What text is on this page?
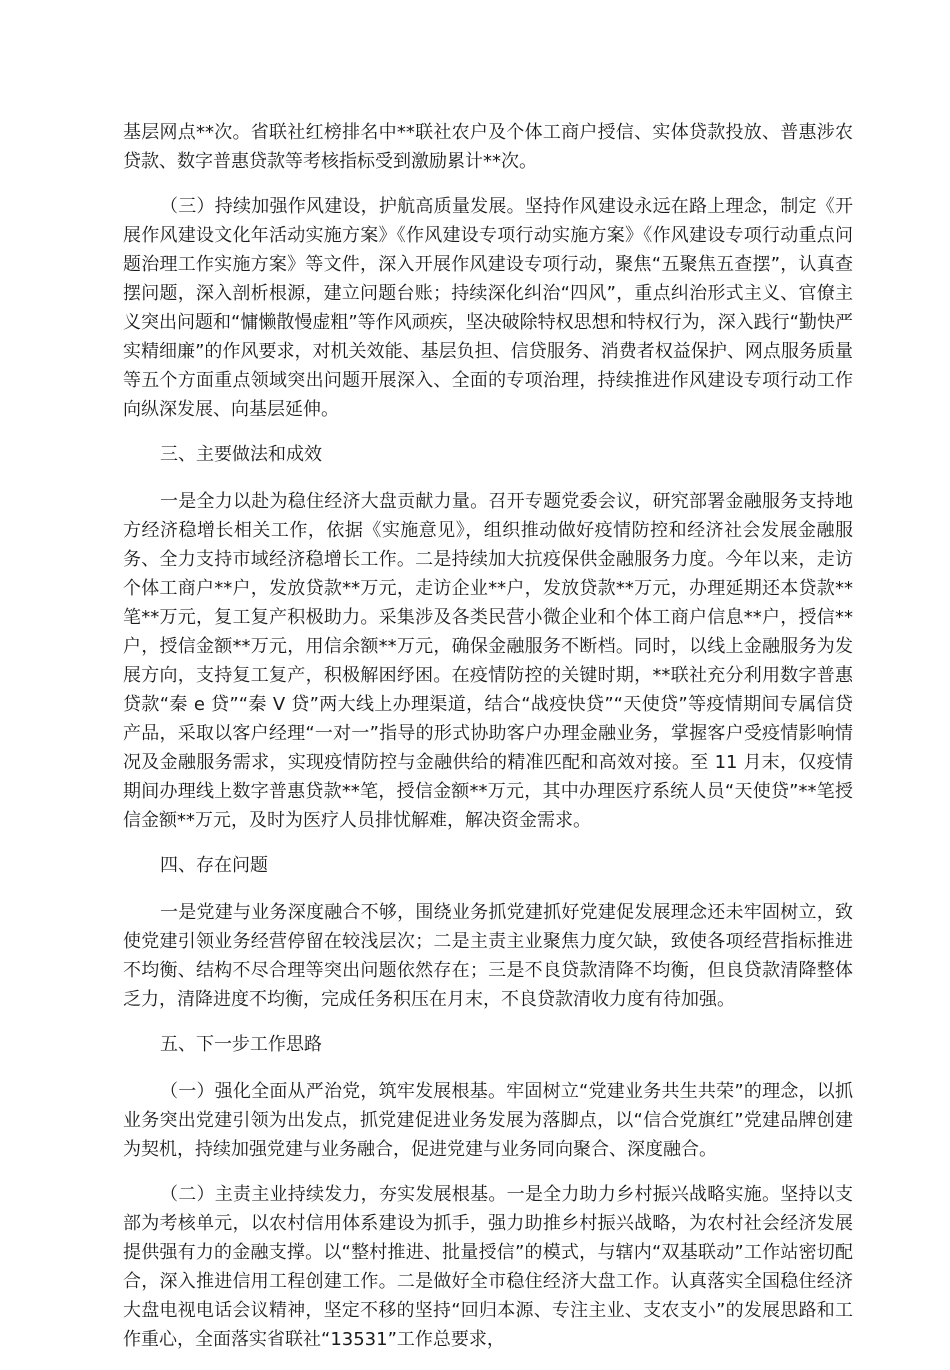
基层网点**次。省联社红榜排名中**联社农户及个体工商户授信、实体贷款投放、普惠涉农贷款、数字普惠贷款等考核指标受到激励累计**次。

（三）持续加强作风建设，护航高质量发展。坚持作风建设永远在路上理念，制定《开展作风建设文化年活动实施方案》《作风建设专项行动实施方案》《作风建设专项行动重点问题治理工作实施方案》等文件，深入开展作风建设专项行动，聚焦“五聚焦五查摆”，认真查摆问题，深入剖析根源，建立问题台账；持续深化纠治“四风”，重点纠治形式主义、官僚主义突出问题和“慵懒散慢虚粗”等作风顽疾，坚决破除特权思想和特权行为，深入践行“勤快严实精细廉”的作风要求，对机关效能、基层负担、信贷服务、消费者权益保护、网点服务质量等五个方面重点领域突出问题开展深入、全面的专项治理，持续推进作风建设专项行动工作向纵深发展、向基层延伸。

三、主要做法和成效

一是全力以赴为稳住经济大盘贡献力量。召开专题党委会议，研究部署金融服务支持地方经济稳增长相关工作，依据《实施意见》，组织推动做好疫情防控和经济社会发展金融服务、全力支持市域经济稳增长工作。二是持续加大抗疫保供金融服务力度。今年以来，走访个体工商户**户，发放贷款**万元，走访企业**户，发放贷款**万元，办理延期还本贷款**笔**万元，复工复产积极助力。采集涉及各类民营小微企业和个体工商户信息**户，授信**户，授信金额**万元，用信余额**万元，确保金融服务不断档。同时，以线上金融服务为发展方向，支持复工复产，积极解困纾困。在疫情防控的关键时期，**联社充分利用数字普惠贷款“秦 e 贷”“秦 V 贷”两大线上办理渠道，结合“战疫快贷”“天使贷”等疫情期间专属信贷产品，采取以客户经理“一对一”指导的形式协助客户办理金融业务，掌握客户受疫情影响情况及金融服务需求，实现疫情防控与金融供给的精准匹配和高效对接。至 11 月末，仅疫情期间办理线上数字普惠贷款**笔，授信金额**万元，其中办理医疗系统人员“天使贷”**笔授信金额**万元，及时为医疗人员排忧解难，解决资金需求。

四、存在问题

一是党建与业务深度融合不够，围绕业务抓党建抓好党建促发展理念还未牢固树立，致使党建引领业务经营停留在较浅层次；二是主责主业聚焦力度欠缺，致使各项经营指标推进不均衡、结构不尽合理等突出问题依然存在；三是不良贷款清降不均衡，但良贷款清降整体乏力，清降进度不均衡，完成任务积压在月末，不良贷款清收力度有待加强。

五、下一步工作思路

（一）强化全面从严治党，筑牢发展根基。牢固树立“党建业务共生共荣”的理念，以抓业务突出党建引领为出发点，抓党建促进业务发展为落脚点，以“信合党旗红”党建品牌创建为契机，持续加强党建与业务融合，促进党建与业务同向聚合、深度融合。

（二）主责主业持续发力，夯实发展根基。一是全力助力乡村振兴战略实施。坚持以支部为考核单元，以农村信用体系建设为抓手，强力助推乡村振兴战略，为农村社会经济发展提供强有力的金融支撑。以“整村推进、批量授信”的模式，与辖内“双基联动”工作站密切配合，深入推进信用工程创建工作。二是做好全市稳住经济大盘工作。认真落实全国稳住经济大盘电视电话会议精神，坚定不移的坚持“回归本源、专注主业、支农支小”的发展思路和工作重心，全面落实省联社“13531”工作总要求，
